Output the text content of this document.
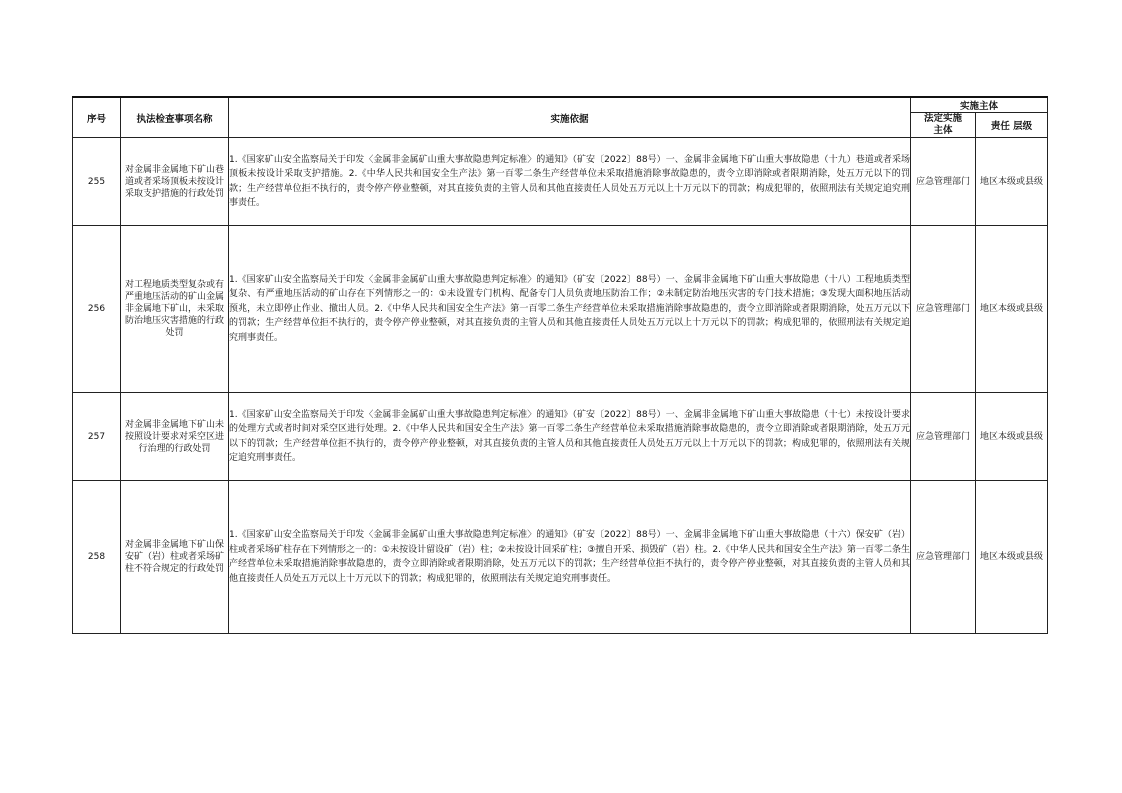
序号	执法检查事项名称	实施依据	实施主体	
			法定实施主体	责任 层级
255	对金属非金属地下矿山巷道或者采场顶板未按设计采取支护措施的行政处罚	1.《国家矿山安全监察局关于印发〈金属非金属矿山重大事故隐患判定标准〉的通知》（矿安〔2022〕88号）一、金属非金属地下矿山重大事故隐患（十九）巷道或者采场顶板未按设计采取支护措施。2.《中华人民共和国安全生产法》第一百零二条生产经营单位未采取措施消除事故隐患的，责令立即消除或者限期消除，处五万元以下的罚款；生产经营单位拒不执行的，责令停产停业整顿，对其直接负责的主管人员和其他直接责任人员处五万元以上十万元以下的罚款；构成犯罪的，依照刑法有关规定追究刑事责任。	应急管理部门	地区本级或县级
256	对工程地质类型复杂或有严重地压活动的矿山金属非金属地下矿山，未采取防治地压灾害措施的行政处罚	1.《国家矿山安全监察局关于印发〈金属非金属矿山重大事故隐患判定标准〉的通知》（矿安〔2022〕88号）一、金属非金属地下矿山重大事故隐患（十八）工程地质类型复杂、有严重地压活动的矿山存在下列情形之一的：①未设置专门机构、配备专门人员负责地压防治工作；②未制定防治地压灾害的专门技术措施；③发现大面积地压活动预兆，未立即停止作业、撤出人员。2.《中华人民共和国安全生产法》第一百零二条生产经营单位未采取措施消除事故隐患的，责令立即消除或者限期消除，处五万元以下的罚款；生产经营单位拒不执行的，责令停产停业整顿，对其直接负责的主管人员和其他直接责任人员处五万元以上十万元以下的罚款；构成犯罪的，依照刑法有关规定追究刑事责任。	应急管理部门	地区本级或县级
257	对金属非金属地下矿山未按照设计要求对采空区进行治理的行政处罚	1.《国家矿山安全监察局关于印发〈金属非金属矿山重大事故隐患判定标准〉的通知》（矿安〔2022〕88号）一、金属非金属地下矿山重大事故隐患（十七）未按设计要求的处理方式或者时间对采空区进行处理。2.《中华人民共和国安全生产法》第一百零二条生产经营单位未采取措施消除事故隐患的，责令立即消除或者限期消除，处五万元以下的罚款；生产经营单位拒不执行的，责令停产停业整顿，对其直接负责的主管人员和其他直接责任人员处五万元以上十万元以下的罚款；构成犯罪的，依照刑法有关规定追究刑事责任。	应急管理部门	地区本级或县级
258	对金属非金属地下矿山保安矿（岩）柱或者采场矿柱不符合规定的行政处罚	1.《国家矿山安全监察局关于印发〈金属非金属矿山重大事故隐患判定标准〉的通知》（矿安〔2022〕88号）一、金属非金属地下矿山重大事故隐患（十六）保安矿（岩）柱或者采场矿柱存在下列情形之一的：①未按设计留设矿（岩）柱；②未按设计回采矿柱；③擅自开采、损毁矿（岩）柱。2.《中华人民共和国安全生产法》第一百零二条生产经营单位未采取措施消除事故隐患的，责令立即消除或者限期消除，处五万元以下的罚款；生产经营单位拒不执行的，责令停产停业整顿，对其直接负责的主管人员和其他直接责任人员处五万元以上十万元以下的罚款；构成犯罪的，依照刑法有关规定追究刑事责任。	应急管理部门	地区本级或县级
